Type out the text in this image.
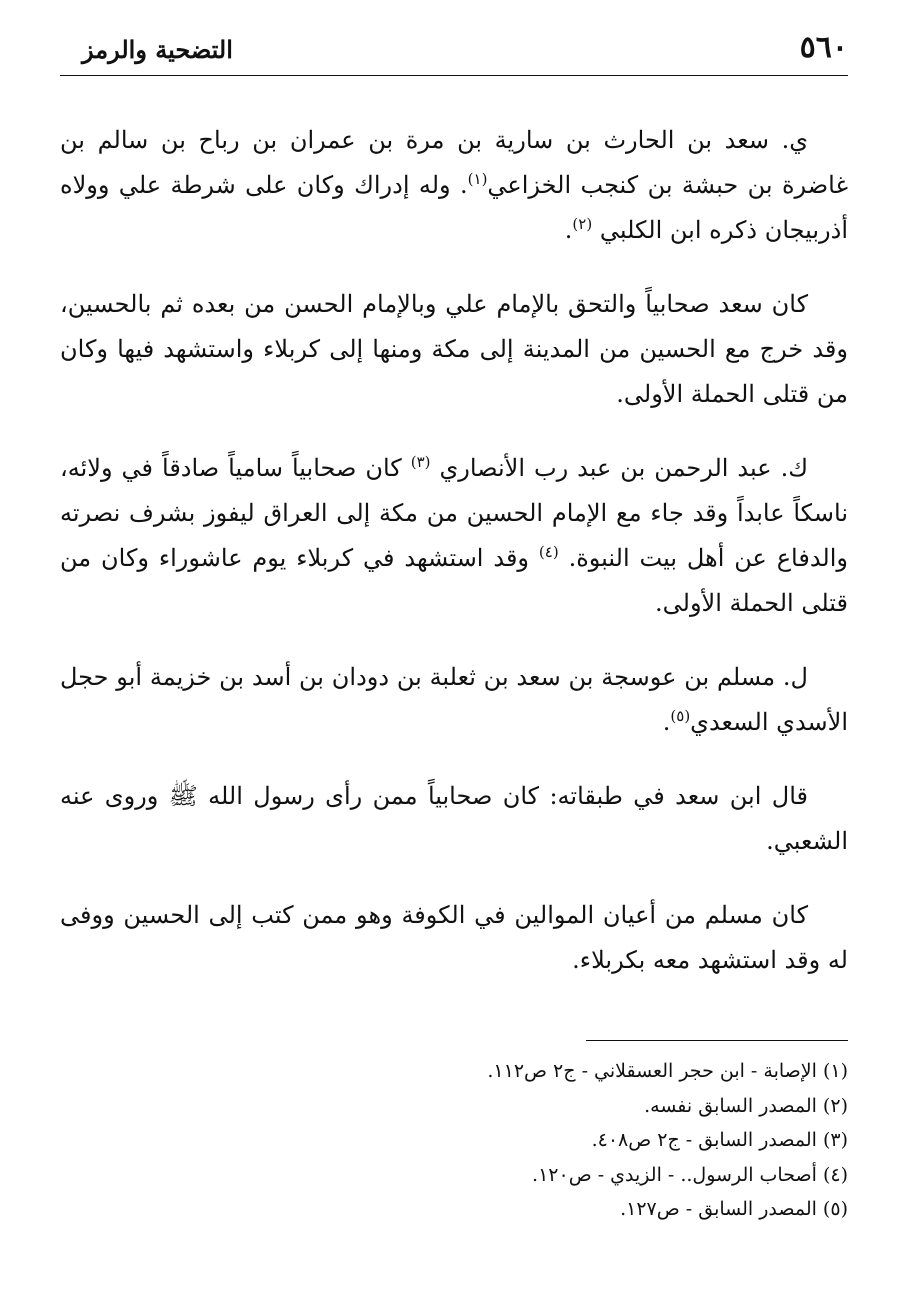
٥٦٠
التضحية والرمز

ي. سعد بن الحارث بن سارية بن مرة بن عمران بن رباح بن سالم بن غاضرة بن حبشة بن كنجب الخزاعي$^{(١)}$. وله إدراك وكان على شرطة علي وولاه أذربيجان ذكره ابن الكلبي $^{(٢)}$.

كان سعد صحابياً والتحق بالإمام علي وبالإمام الحسن من بعده ثم بالحسين، وقد خرج مع الحسين من المدينة إلى مكة ومنها إلى كربلاء واستشهد فيها وكان من قتلى الحملة الأولى.

ك. عبد الرحمن بن عبد رب الأنصاري $^{(٣)}$ كان صحابياً سامياً صادقاً في ولائه، ناسكاً عابداً وقد جاء مع الإمام الحسين من مكة إلى العراق ليفوز بشرف نصرته والدفاع عن أهل بيت النبوة. $^{(٤)}$ وقد استشهد في كربلاء يوم عاشوراء وكان من قتلى الحملة الأولى.

ل. مسلم بن عوسجة بن سعد بن ثعلبة بن دودان بن أسد بن خزيمة أبو حجل الأسدي السعدي$^{(٥)}$.

قال ابن سعد في طبقاته: كان صحابياً ممن رأى رسول الله ﷺ وروى عنه الشعبي.

كان مسلم من أعيان الموالين في الكوفة وهو ممن كتب إلى الحسين ووفى له وقد استشهد معه بكربلاء.

(١) الإصابة - ابن حجر العسقلاني - ج٢ ص١١٢.
(٢) المصدر السابق نفسه.
(٣) المصدر السابق - ج٢ ص٤٠٨.
(٤) أصحاب الرسول.. - الزيدي - ص١٢٠.
(٥) المصدر السابق - ص١٢٧.
